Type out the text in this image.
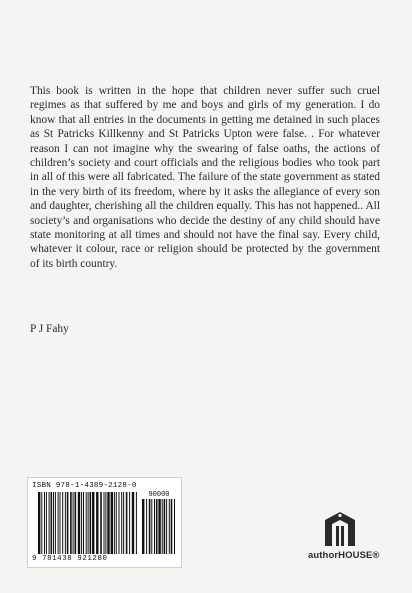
This book is written in the hope that children never suffer such cruel regimes as that suffered by me and boys and girls of my generation. I do know that all entries in the documents in getting me detained in such places as St Patricks Killkenny and St Patricks Upton were false. . For whatever reason I can not imagine why the swearing of false oaths, the actions of children’s society and court officials and the religious bodies who took part in all of this were all fabricated. The failure of the state government as stated in the very birth of its freedom, where by it asks the allegiance of every son and daughter, cherishing all the children equally. This has not happened.. All society’s and organisations who decide the destiny of any child should have state monitoring at all times and should not have the final say. Every child, whatever it colour, race or religion should be protected by the government of its birth country.

P J Fahy

ISBN 978-1-4389-2128-0
90000
9 781438 921280	authorHOUSE®
